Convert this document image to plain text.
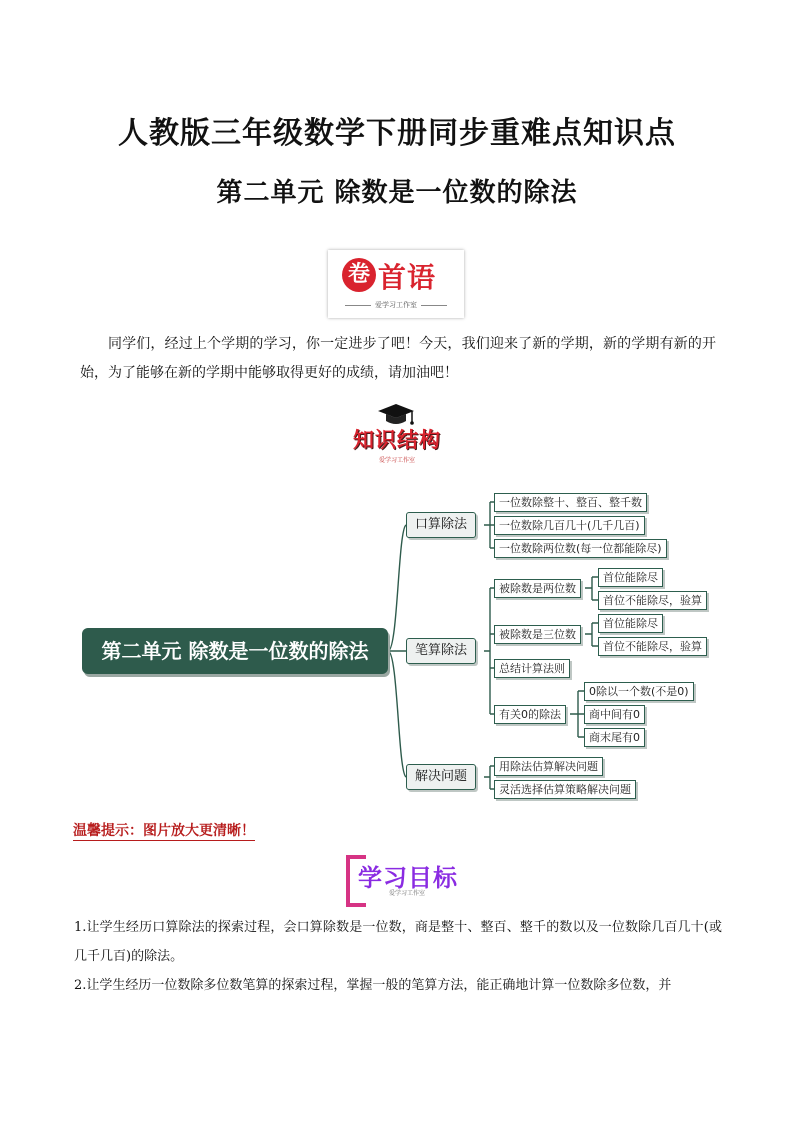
人教版三年级数学下册同步重难点知识点
第二单元 除数是一位数的除法
卷 首语
爱学习工作室
同学们，经过上个学期的学习，你一定进步了吧！今天，我们迎来了新的学期，新的学期有新的开始，为了能够在新的学期中能够取得更好的成绩，请加油吧！
知识结构
爱学习工作室
第二单元 除数是一位数的除法
口算除法
一位数除整十、整百、整千数
一位数除几百几十(几千几百)
一位数除两位数(每一位都能除尽)
笔算除法
被除数是两位数
首位能除尽
首位不能除尽，验算
被除数是三位数
首位能除尽
首位不能除尽，验算
总结计算法则
有关0的除法
0除以一个数(不是0)
商中间有0
商末尾有0
解决问题
用除法估算解决问题
灵活选择估算策略解决问题
温馨提示：图片放大更清晰！
学习目标
爱学习工作室
1.让学生经历口算除法的探索过程，会口算除数是一位数，商是整十、整百、整千的数以及一位数除几百几十(或几千几百)的除法。
2.让学生经历一位数除多位数笔算的探索过程，掌握一般的笔算方法，能正确地计算一位数除多位数，并
